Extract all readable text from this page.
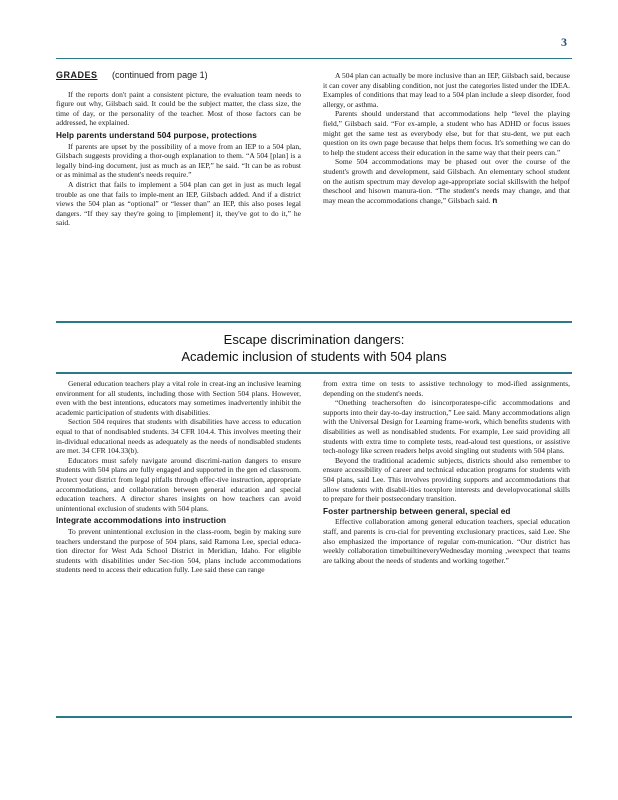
3
GRADES (continued from page 1)

If the reports don't paint a consistent picture, the evaluation team needs to figure out why, Gilsbach said. It could be the subject matter, the class size, the time of day, or the personality of the teacher. Most of those factors can be addressed, he explained.

Help parents understand 504 purpose, protections

If parents are upset by the possibility of a move from an IEP to a 504 plan, Gilsbach suggests providing a thor-ough explanation to them. “A 504 [plan] is a legally bind-ing document, just as much as an IEP,” he said. “It can be as robust or as minimal as the student's needs require.”

A district that fails to implement a 504 plan can get in just as much legal trouble as one that fails to imple-ment an IEP, Gilsbach added. And if a district views the 504 plan as “optional” or “lesser than” an IEP, this also poses legal dangers. “If they say they're going to [implement] it, they've got to do it,” he said.

A 504 plan can actually be more inclusive than an IEP, Gilsbach said, because it can cover any disabling condition, not just the categories listed under the IDEA. Examples of conditions that may lead to a 504 plan include a sleep disorder, food allergy, or asthma.

Parents should understand that accommodations help “level the playing field,” Gilsbach said. “For ex-ample, a student who has ADHD or focus issues might get the same test as everybody else, but for that stu-dent, we put each question on its own page because that helps them focus. It's something we can do to help the student access their education in the same way that their peers can.”

Some 504 accommodations may be phased out over the course of the student's growth and development, said Gilsbach. An elementary school student on the autism spectrum may develop age-appropriate social skillswith the helpof theschool and hisown manura-tion. “The student's needs may change, and that may mean the accommodations change,” Gilsbach said. n

Escape discrimination dangers:
Academic inclusion of students with 504 plans

General education teachers play a vital role in creat-ing an inclusive learning environment for all students, including those with Section 504 plans. However, even with the best intentions, educators may sometimes inadvertently inhibit the academic participation of students with disabilities.

Section 504 requires that students with disabilities have access to education equal to that of nondisabled students. 34 CFR 104.4. This involves meeting their in-dividual educational needs as adequately as the needs of nondisabled students are met. 34 CFR 104.33(b).

Educators must safely navigate around discrimi-nation dangers to ensure students with 504 plans are fully engaged and supported in the gen ed classroom. Protect your district from legal pitfalls through effec-tive instruction, appropriate accommodations, and collaboration between general education and special education teachers. A director shares insights on how teachers can avoid unintentional exclusion of students with 504 plans.

Integrate accommodations into instruction

To prevent unintentional exclusion in the class-room, begin by making sure teachers understand the purpose of 504 plans, said Ramona Lee, special educa-tion director for West Ada School District in Meridian, Idaho. For eligible students with disabilities under Sec-tion 504, plans include accommodations students need to access their education fully. Lee said these can range

from extra time on tests to assistive technology to mod-ified assignments, depending on the student's needs.

“Onething teachersoften do isincorporatespe-cific accommodations and supports into their day-to-day instruction,” Lee said. Many accommodations align with the Universal Design for Learning frame-work, which benefits students with disabilities as well as nondisabled students. For example, Lee said providing all students with extra time to complete tests, read-aloud test questions, or assistive tech-nology like screen readers helps avoid singling out students with 504 plans.

Beyond the traditional academic subjects, districts should also remember to ensure accessibility of career and technical education programs for students with 504 plans, said Lee. This involves providing supports and accommodations that allow students with disabil-ities toexplore interests and developvocational skills to prepare for their postsecondary transition.

Foster partnership between general, special ed

Effective collaboration among general education teachers, special education staff, and parents is cru-cial for preventing exclusionary practices, said Lee. She also emphasized the importance of regular com-munication. “Our district has weekly collaboration timebuiltineveryWednesday morning ,weexpect that teams are talking about the needs of students and working together.”
